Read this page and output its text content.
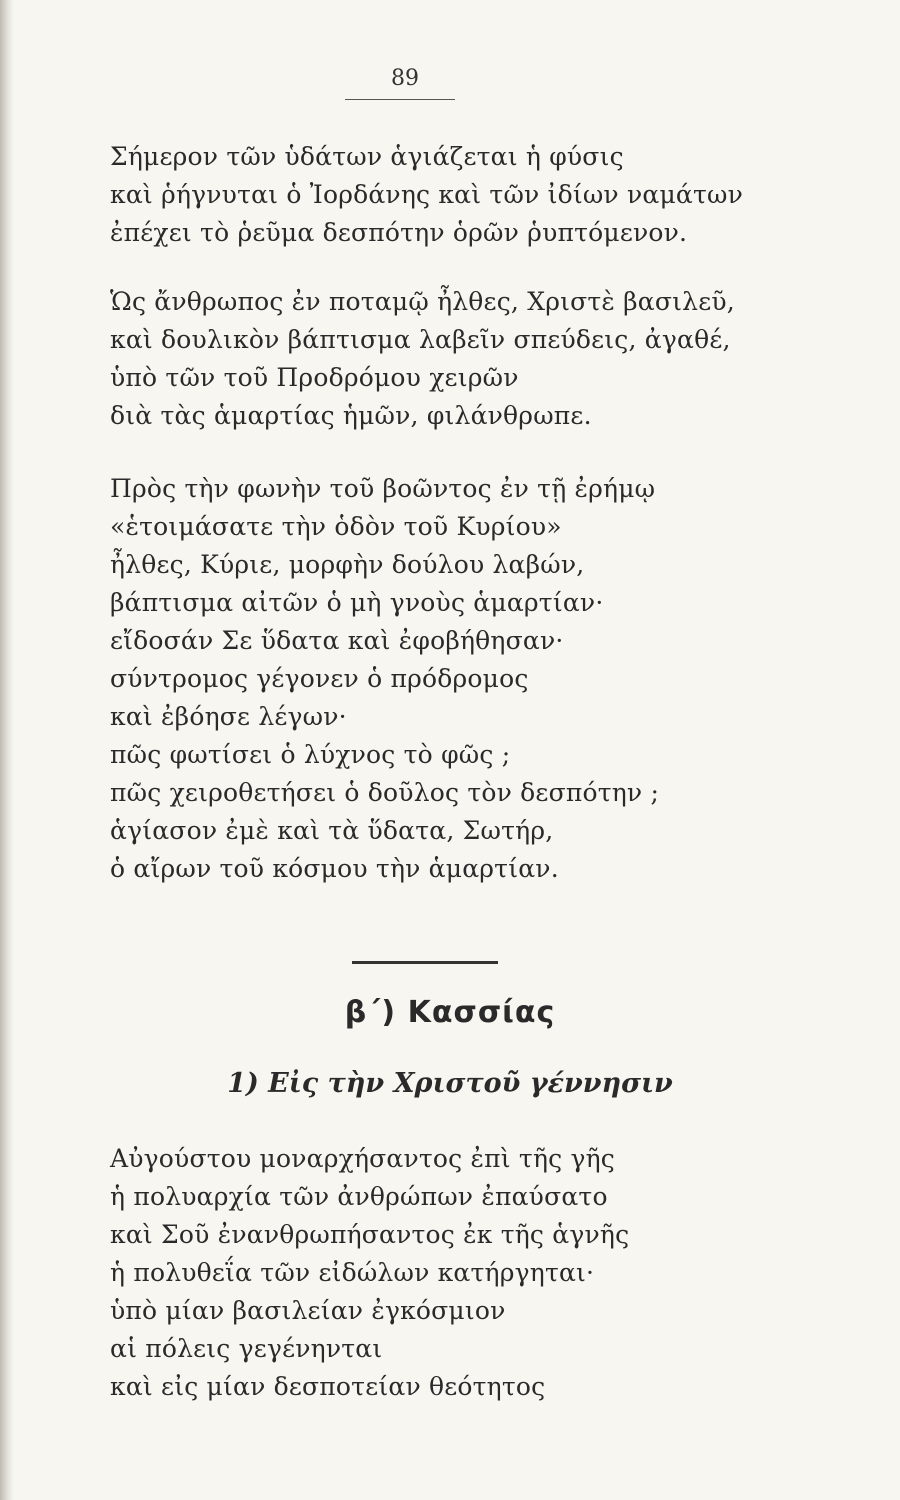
89
Σήμερον τῶν ὑδάτων ἁγιάζεται ἡ φύσις
καὶ ῥήγνυται ὁ Ἰορδάνης καὶ τῶν ἰδίων ναμάτων
ἐπέχει τὸ ῥεῦμα δεσπότην ὁρῶν ῥυπτόμενον.
Ὡς ἄνθρωπος ἐν ποταμῷ ἦλθες, Χριστὲ βασιλεῦ,
καὶ δουλικὸν βάπτισμα λαβεῖν σπεύδεις, ἀγαθέ,
ὑπὸ τῶν τοῦ Προδρόμου χειρῶν
διὰ τὰς ἁμαρτίας ἡμῶν, φιλάνθρωπε.
Πρὸς τὴν φωνὴν τοῦ βοῶντος ἐν τῇ ἐρήμῳ
«ἑτοιμάσατε τὴν ὁδὸν τοῦ Κυρίου»
ἦλθες, Κύριε, μορφὴν δούλου λαβών,
βάπτισμα αἰτῶν ὁ μὴ γνοὺς ἁμαρτίαν·
εἴδοσάν Σε ὕδατα καὶ ἐφοβήθησαν·
σύντρομος γέγονεν ὁ πρόδρομος
καὶ ἐβόησε λέγων·
πῶς φωτίσει ὁ λύχνος τὸ φῶς ;
πῶς χειροθετήσει ὁ δοῦλος τὸν δεσπότην ;
ἁγίασον ἐμὲ καὶ τὰ ὕδατα, Σωτήρ,
ὁ αἴρων τοῦ κόσμου τὴν ἁμαρτίαν.
β΄) Κασσίας
1) Εἰς τὴν Χριστοῦ γέννησιν
Αὐγούστου μοναρχήσαντος ἐπὶ τῆς γῆς
ἡ πολυαρχία τῶν ἀνθρώπων ἐπαύσατο
καὶ Σοῦ ἐνανθρωπήσαντος ἐκ τῆς ἁγνῆς
ἡ πολυθεΐα τῶν εἰδώλων κατήργηται·
ὑπὸ μίαν βασιλείαν ἐγκόσμιον
αἱ πόλεις γεγένηνται
καὶ εἰς μίαν δεσποτείαν θεότητος
